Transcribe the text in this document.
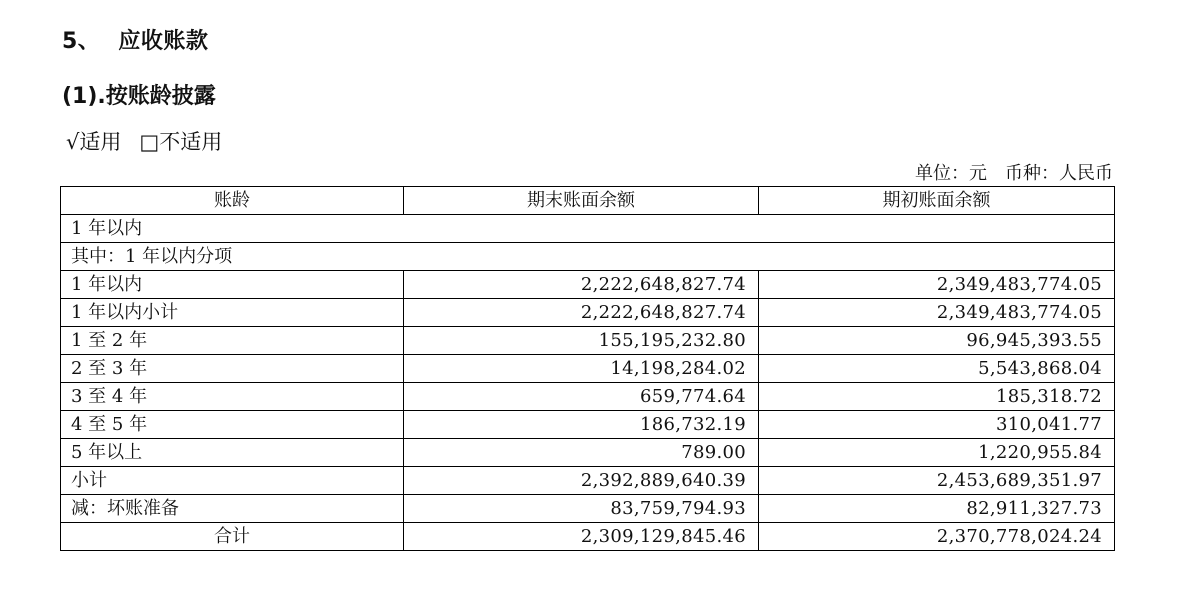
5、 应收账款
(1).按账龄披露
√适用 □不适用
单位：元 币种：人民币
账龄	期末账面余额	期初账面余额
1 年以内		
其中：1 年以内分项		
1 年以内	2,222,648,827.74	2,349,483,774.05
1 年以内小计	2,222,648,827.74	2,349,483,774.05
1 至 2 年	155,195,232.80	96,945,393.55
2 至 3 年	14,198,284.02	5,543,868.04
3 至 4 年	659,774.64	185,318.72
4 至 5 年	186,732.19	310,041.77
5 年以上	789.00	1,220,955.84
小计	2,392,889,640.39	2,453,689,351.97
减：坏账准备	83,759,794.93	82,911,327.73
合计	2,309,129,845.46	2,370,778,024.24
